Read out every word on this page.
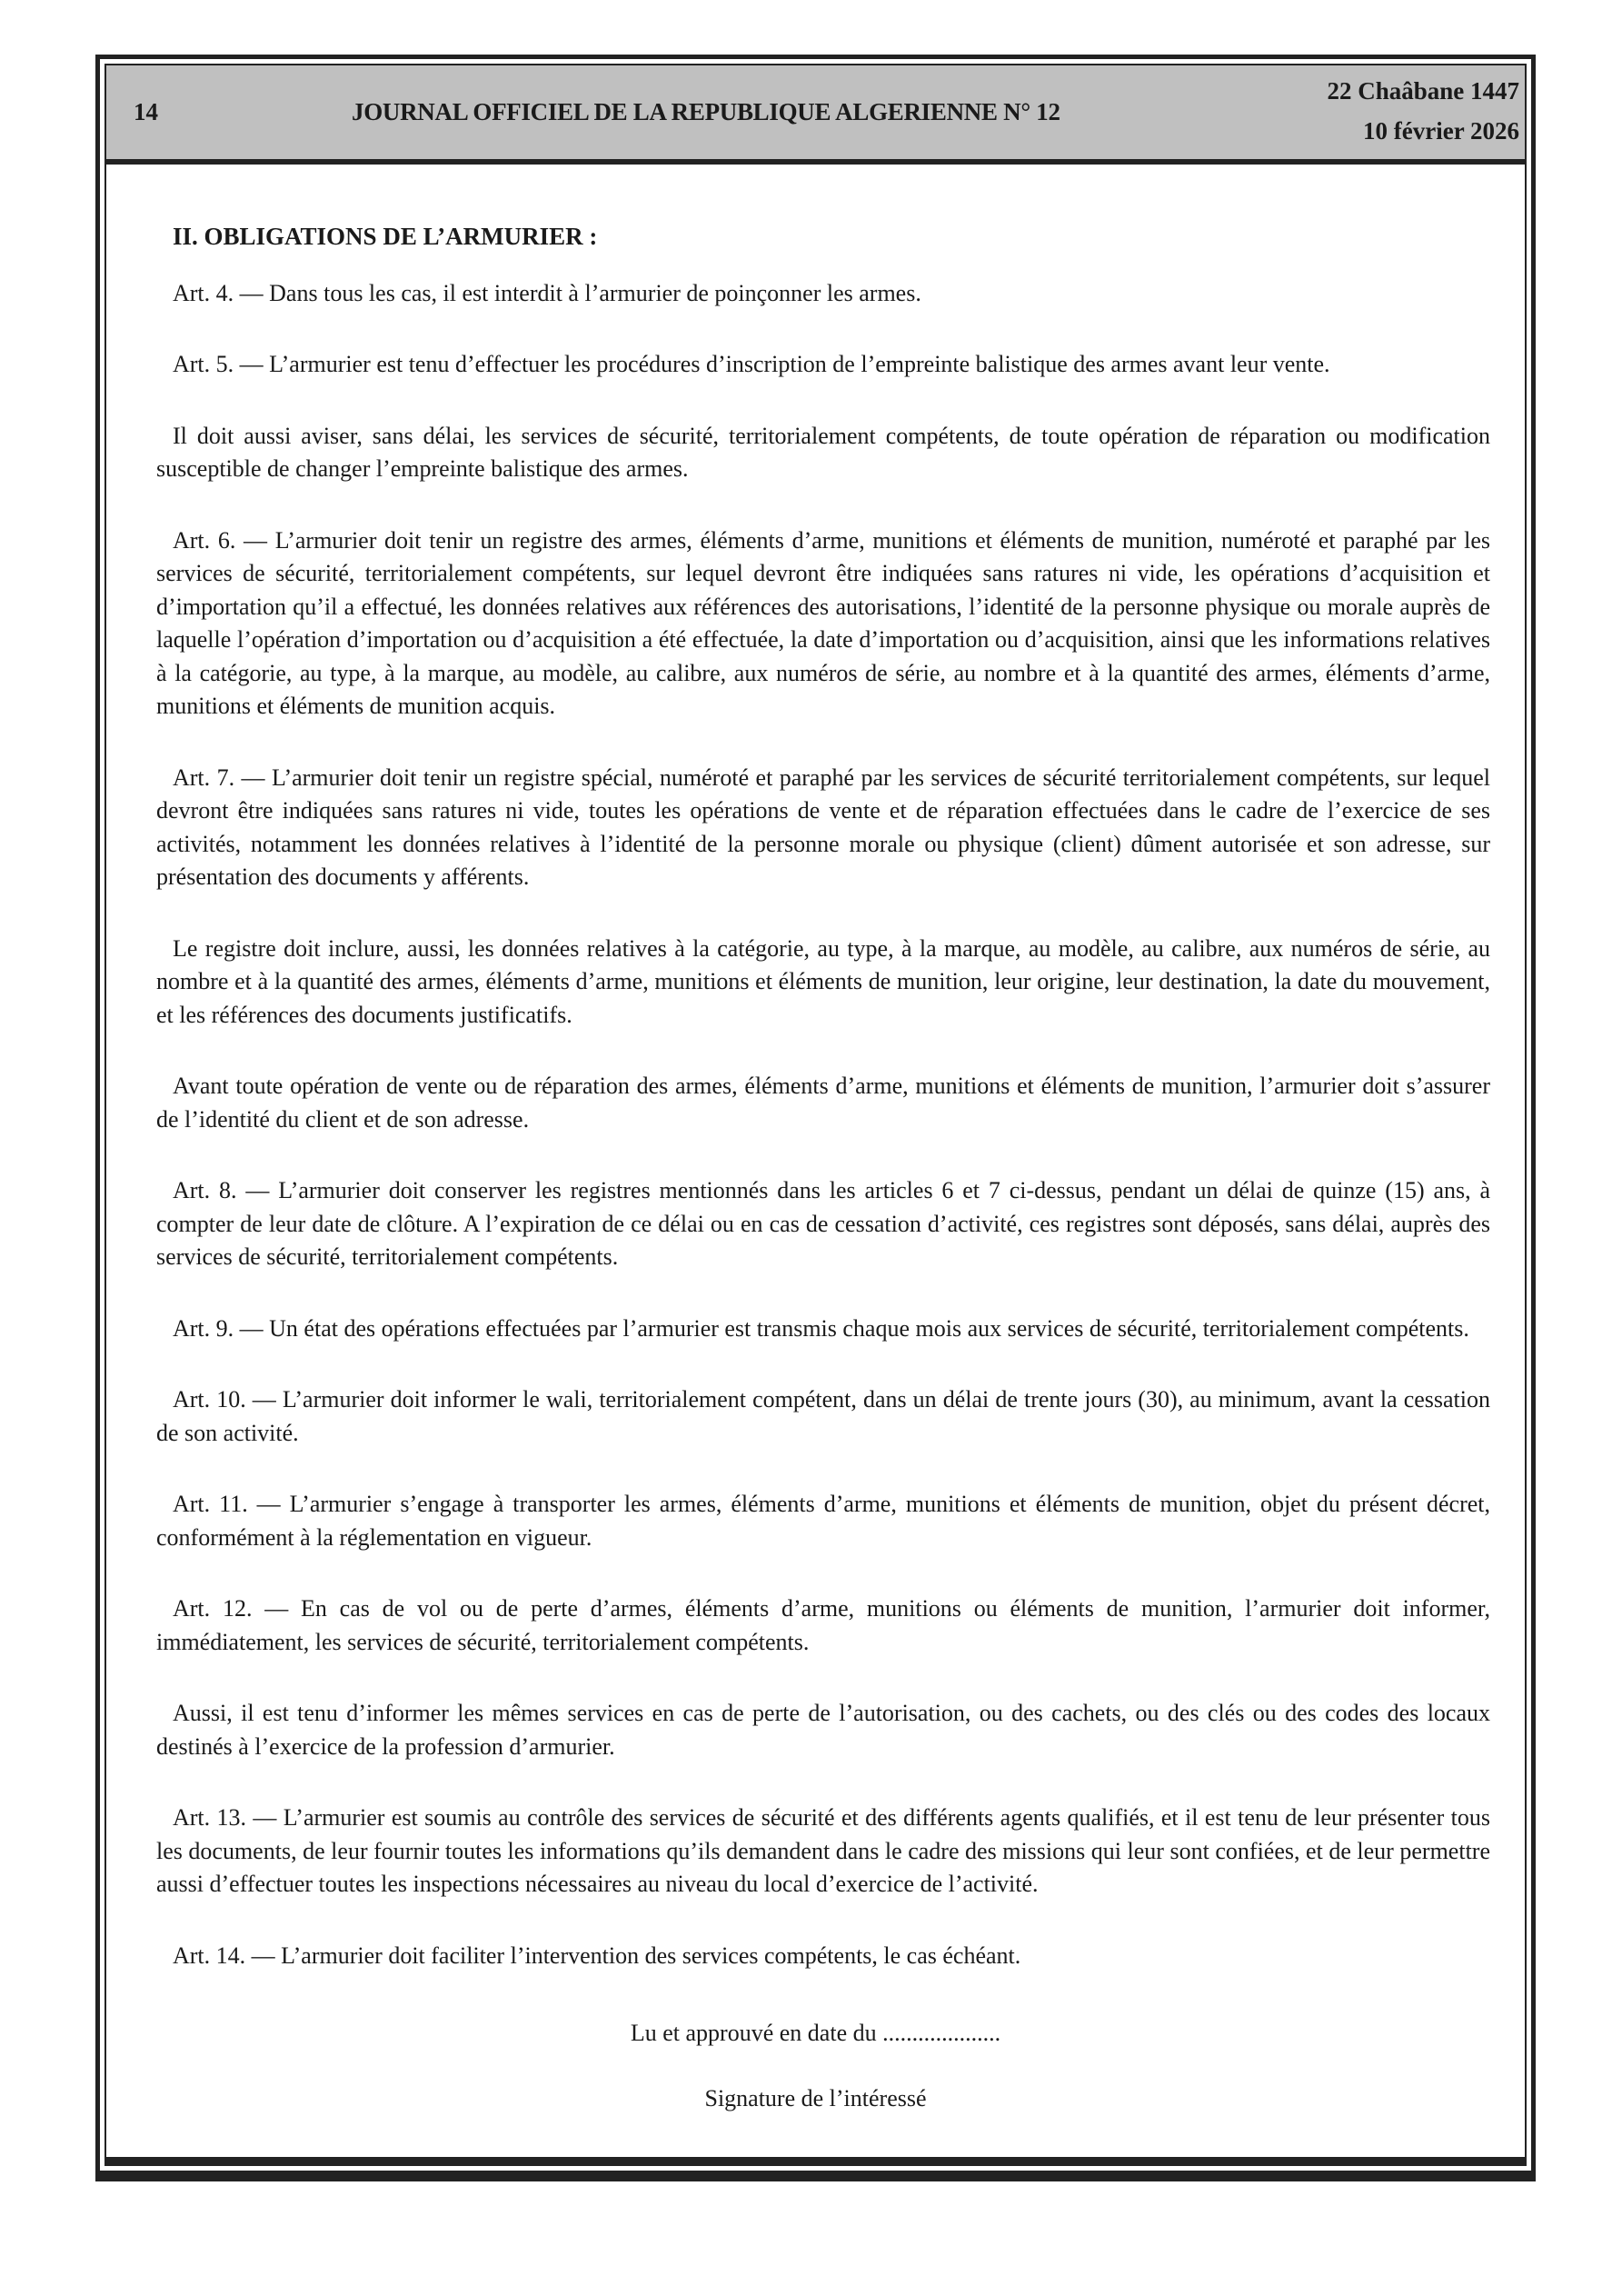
14	JOURNAL OFFICIEL DE LA REPUBLIQUE ALGERIENNE N° 12
22 Chaâbane 1447
10 février 2026
II. OBLIGATIONS DE L’ARMURIER :

Art. 4. — Dans tous les cas, il est interdit à l’armurier de poinçonner les armes.

Art. 5. — L’armurier est tenu d’effectuer les procédures d’inscription de l’empreinte balistique des armes avant leur vente.

Il doit aussi aviser, sans délai, les services de sécurité, territorialement compétents, de toute opération de réparation ou modification susceptible de changer l’empreinte balistique des armes.

Art. 6. — L’armurier doit tenir un registre des armes, éléments d’arme, munitions et éléments de munition, numéroté et paraphé par les services de sécurité, territorialement compétents, sur lequel devront être indiquées sans ratures ni vide, les opérations d’acquisition et d’importation qu’il a effectué, les données relatives aux références des autorisations, l’identité de la personne physique ou morale auprès de laquelle l’opération d’importation ou d’acquisition a été effectuée, la date d’importation ou d’acquisition, ainsi que les informations relatives à la catégorie, au type, à la marque, au modèle, au calibre, aux numéros de série, au nombre et à la quantité des armes, éléments d’arme, munitions et éléments de munition acquis.

Art. 7. — L’armurier doit tenir un registre spécial, numéroté et paraphé par les services de sécurité territorialement compétents, sur lequel devront être indiquées sans ratures ni vide, toutes les opérations de vente et de réparation effectuées dans le cadre de l’exercice de ses activités, notamment les données relatives à l’identité de la personne morale ou physique (client) dûment autorisée et son adresse, sur présentation des documents y afférents.

Le registre doit inclure, aussi, les données relatives à la catégorie, au type, à la marque, au modèle, au calibre, aux numéros de série, au nombre et à la quantité des armes, éléments d’arme, munitions et éléments de munition, leur origine, leur destination, la date du mouvement, et les références des documents justificatifs.

Avant toute opération de vente ou de réparation des armes, éléments d’arme, munitions et éléments de munition, l’armurier doit s’assurer de l’identité du client et de son adresse.

Art. 8. — L’armurier doit conserver les registres mentionnés dans les articles 6 et 7 ci-dessus, pendant un délai de quinze (15) ans, à compter de leur date de clôture. A l’expiration de ce délai ou en cas de cessation d’activité, ces registres sont déposés, sans délai, auprès des services de sécurité, territorialement compétents.

Art. 9. — Un état des opérations effectuées par l’armurier est transmis chaque mois aux services de sécurité, territorialement compétents.

Art. 10. — L’armurier doit informer le wali, territorialement compétent, dans un délai de trente jours (30), au minimum, avant la cessation de son activité.

Art. 11. — L’armurier s’engage à transporter les armes, éléments d’arme, munitions et éléments de munition, objet du présent décret, conformément à la réglementation en vigueur.

Art. 12. — En cas de vol ou de perte d’armes, éléments d’arme, munitions ou éléments de munition, l’armurier doit informer, immédiatement, les services de sécurité, territorialement compétents.

Aussi, il est tenu d’informer les mêmes services en cas de perte de l’autorisation, ou des cachets, ou des clés ou des codes des locaux destinés à l’exercice de la profession d’armurier.

Art. 13. — L’armurier est soumis au contrôle des services de sécurité et des différents agents qualifiés, et il est tenu de leur présenter tous les documents, de leur fournir toutes les informations qu’ils demandent dans le cadre des missions qui leur sont confiées, et de leur permettre aussi d’effectuer toutes les inspections nécessaires au niveau du local d’exercice de l’activité.

Art. 14. — L’armurier doit faciliter l’intervention des services compétents, le cas échéant.

Lu et approuvé en date du ....................
Signature de l’intéressé
